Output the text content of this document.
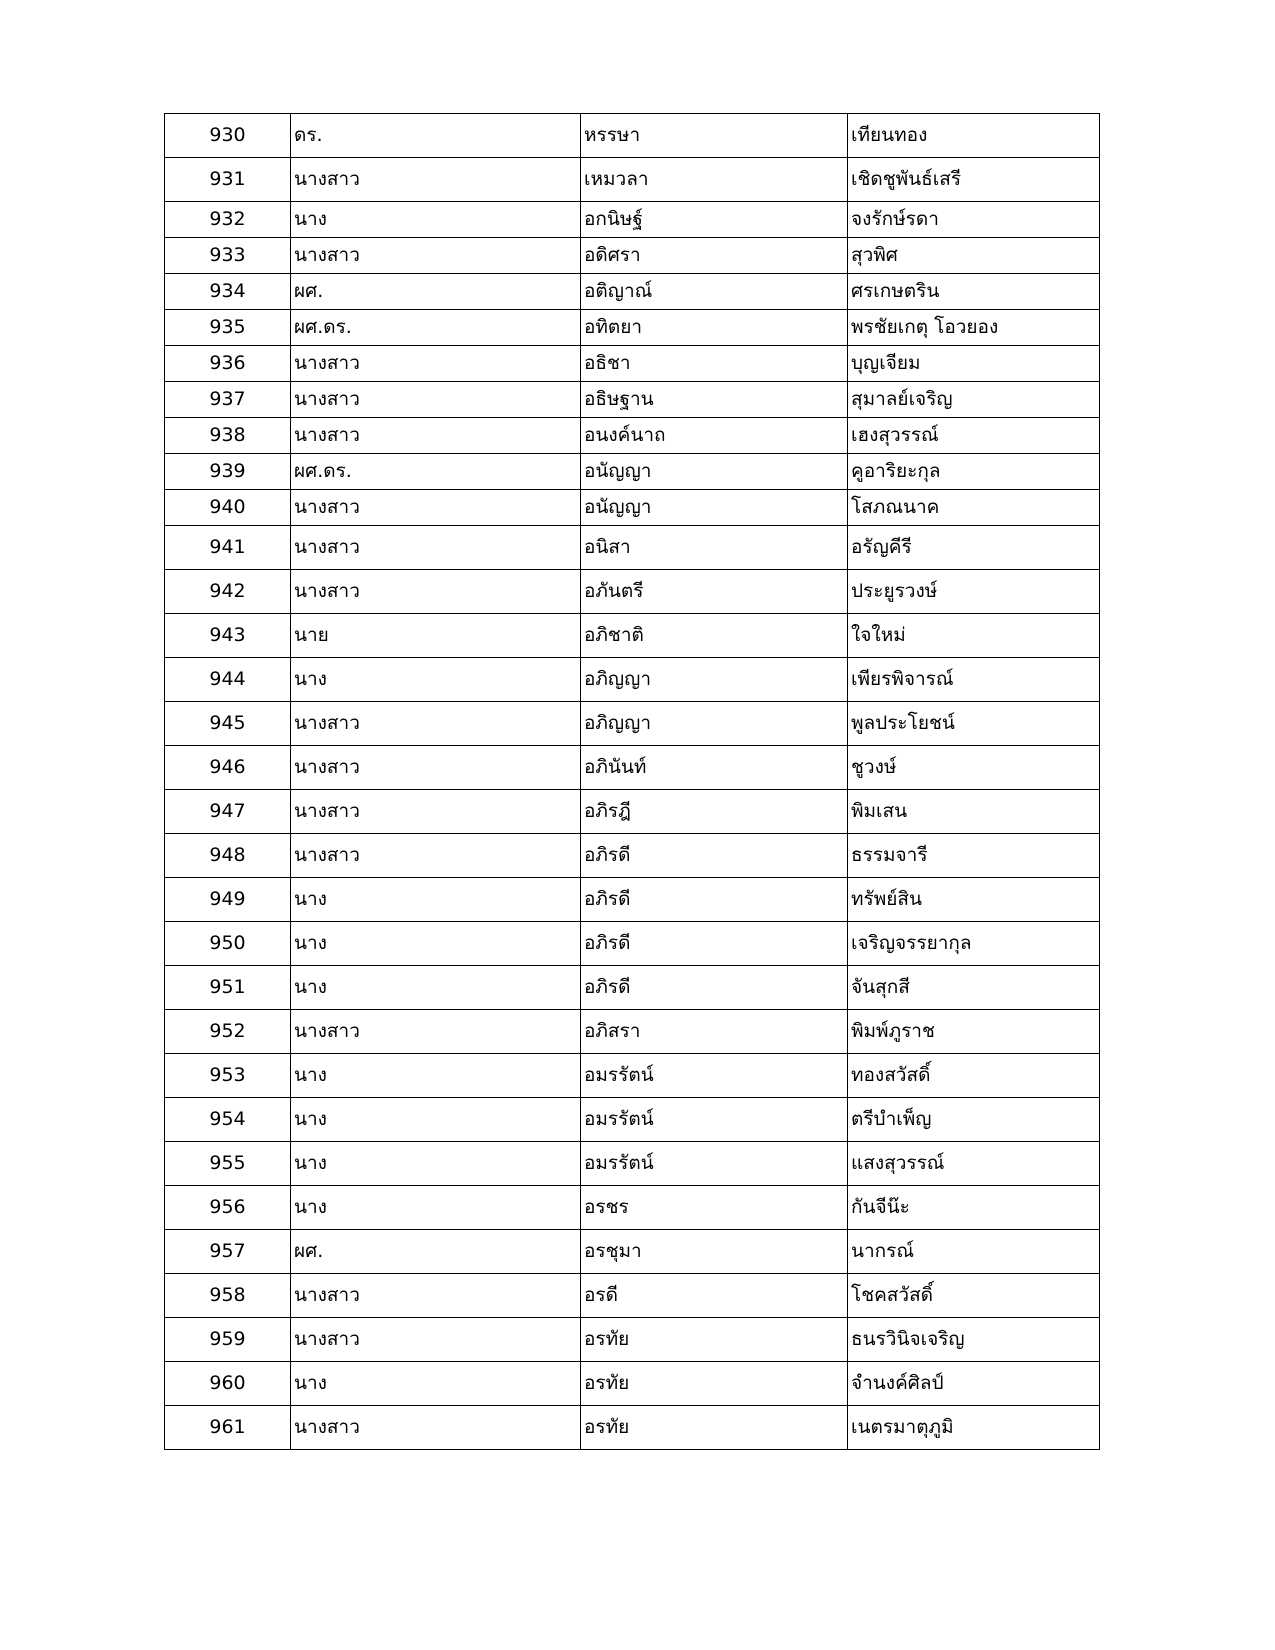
930	ดร.	หรรษา	เทียนทอง
931	นางสาว	เหมวลา	เชิดชูพันธ์เสรี
932	นาง	อกนิษฐ์	จงรักษ์รดา
933	นางสาว	อดิศรา	สุวพิศ
934	ผศ.	อติญาณ์	ศรเกษตริน
935	ผศ.ดร.	อทิตยา	พรชัยเกตุ โอวยอง
936	นางสาว	อธิชา	บุญเจียม
937	นางสาว	อธิษฐาน	สุมาลย์เจริญ
938	นางสาว	อนงค์นาถ	เฮงสุวรรณ์
939	ผศ.ดร.	อนัญญา	คูอาริยะกุล
940	นางสาว	อนัญญา	โสภณนาค
941	นางสาว	อนิสา	อรัญคีรี
942	นางสาว	อภันตรี	ประยูรวงษ์
943	นาย	อภิชาติ	ใจใหม่
944	นาง	อภิญญา	เพียรพิจารณ์
945	นางสาว	อภิญญา	พูลประโยชน์
946	นางสาว	อภินันท์	ชูวงษ์
947	นางสาว	อภิรฎี	พิมเสน
948	นางสาว	อภิรดี	ธรรมจารี
949	นาง	อภิรดี	ทรัพย์สิน
950	นาง	อภิรดี	เจริญจรรยากุล
951	นาง	อภิรดี	จันสุกสี
952	นางสาว	อภิสรา	พิมพ์ภูราช
953	นาง	อมรรัตน์	ทองสวัสดิ์
954	นาง	อมรรัตน์	ตรีบำเพ็ญ
955	นาง	อมรรัตน์	แสงสุวรรณ์
956	นาง	อรชร	กันจีน๊ะ
957	ผศ.	อรชุมา	นากรณ์
958	นางสาว	อรดี	โชคสวัสดิ์
959	นางสาว	อรทัย	ธนรวินิจเจริญ
960	นาง	อรทัย	จำนงค์ศิลป์
961	นางสาว	อรทัย	เนตรมาตุภูมิ
